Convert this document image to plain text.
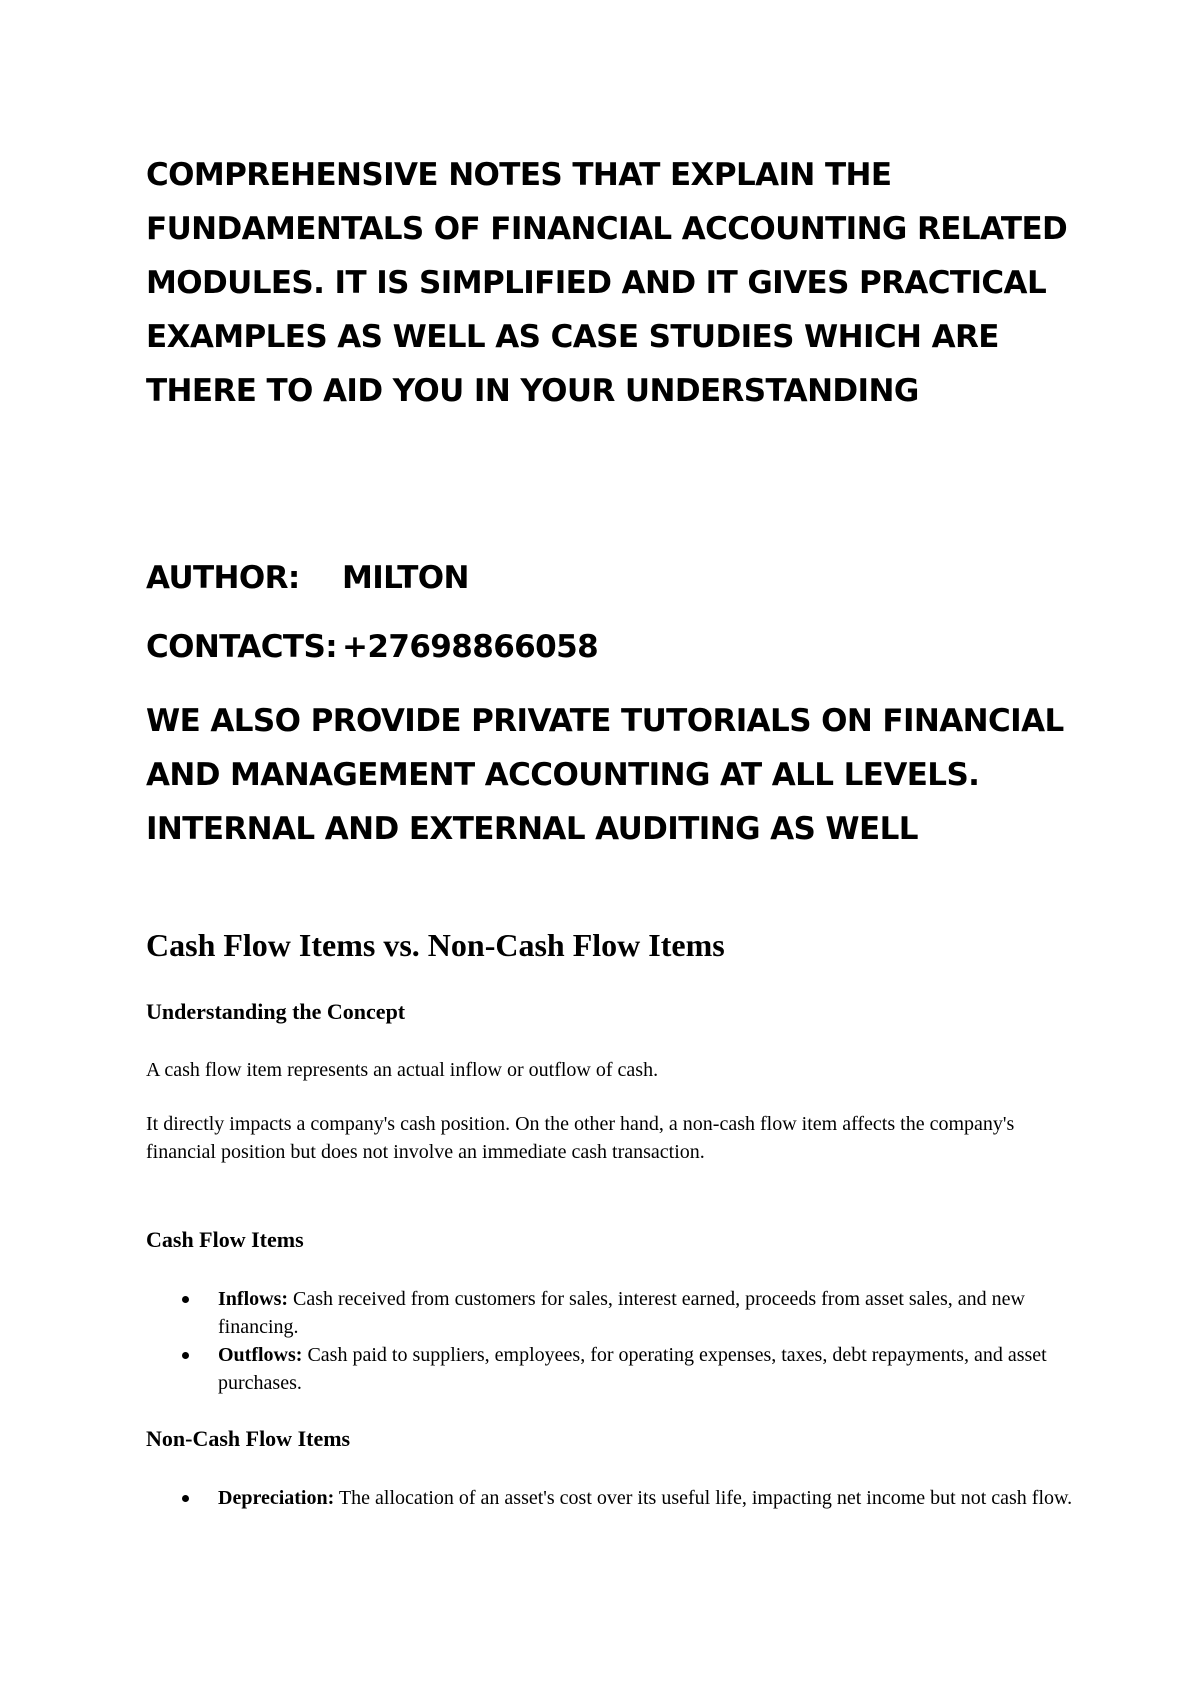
COMPREHENSIVE NOTES THAT EXPLAIN THE FUNDAMENTALS OF FINANCIAL ACCOUNTING RELATED MODULES. IT IS SIMPLIFIED AND IT GIVES PRACTICAL EXAMPLES AS WELL AS CASE STUDIES WHICH ARE THERE TO AID YOU IN YOUR UNDERSTANDING

AUTHOR: MILTON

CONTACTS: +27698866058

WE ALSO PROVIDE PRIVATE TUTORIALS ON FINANCIAL AND MANAGEMENT ACCOUNTING AT ALL LEVELS. INTERNAL AND EXTERNAL AUDITING AS WELL

Cash Flow Items vs. Non-Cash Flow Items
Understanding the Concept

A cash flow item represents an actual inflow or outflow of cash.

It directly impacts a company's cash position. On the other hand, a non-cash flow item affects the company's financial position but does not involve an immediate cash transaction.

Cash Flow Items
Inflows: Cash received from customers for sales, interest earned, proceeds from asset sales, and new financing.
Outflows: Cash paid to suppliers, employees, for operating expenses, taxes, debt repayments, and asset purchases.
Non-Cash Flow Items
Depreciation: The allocation of an asset's cost over its useful life, impacting net income but not cash flow.
